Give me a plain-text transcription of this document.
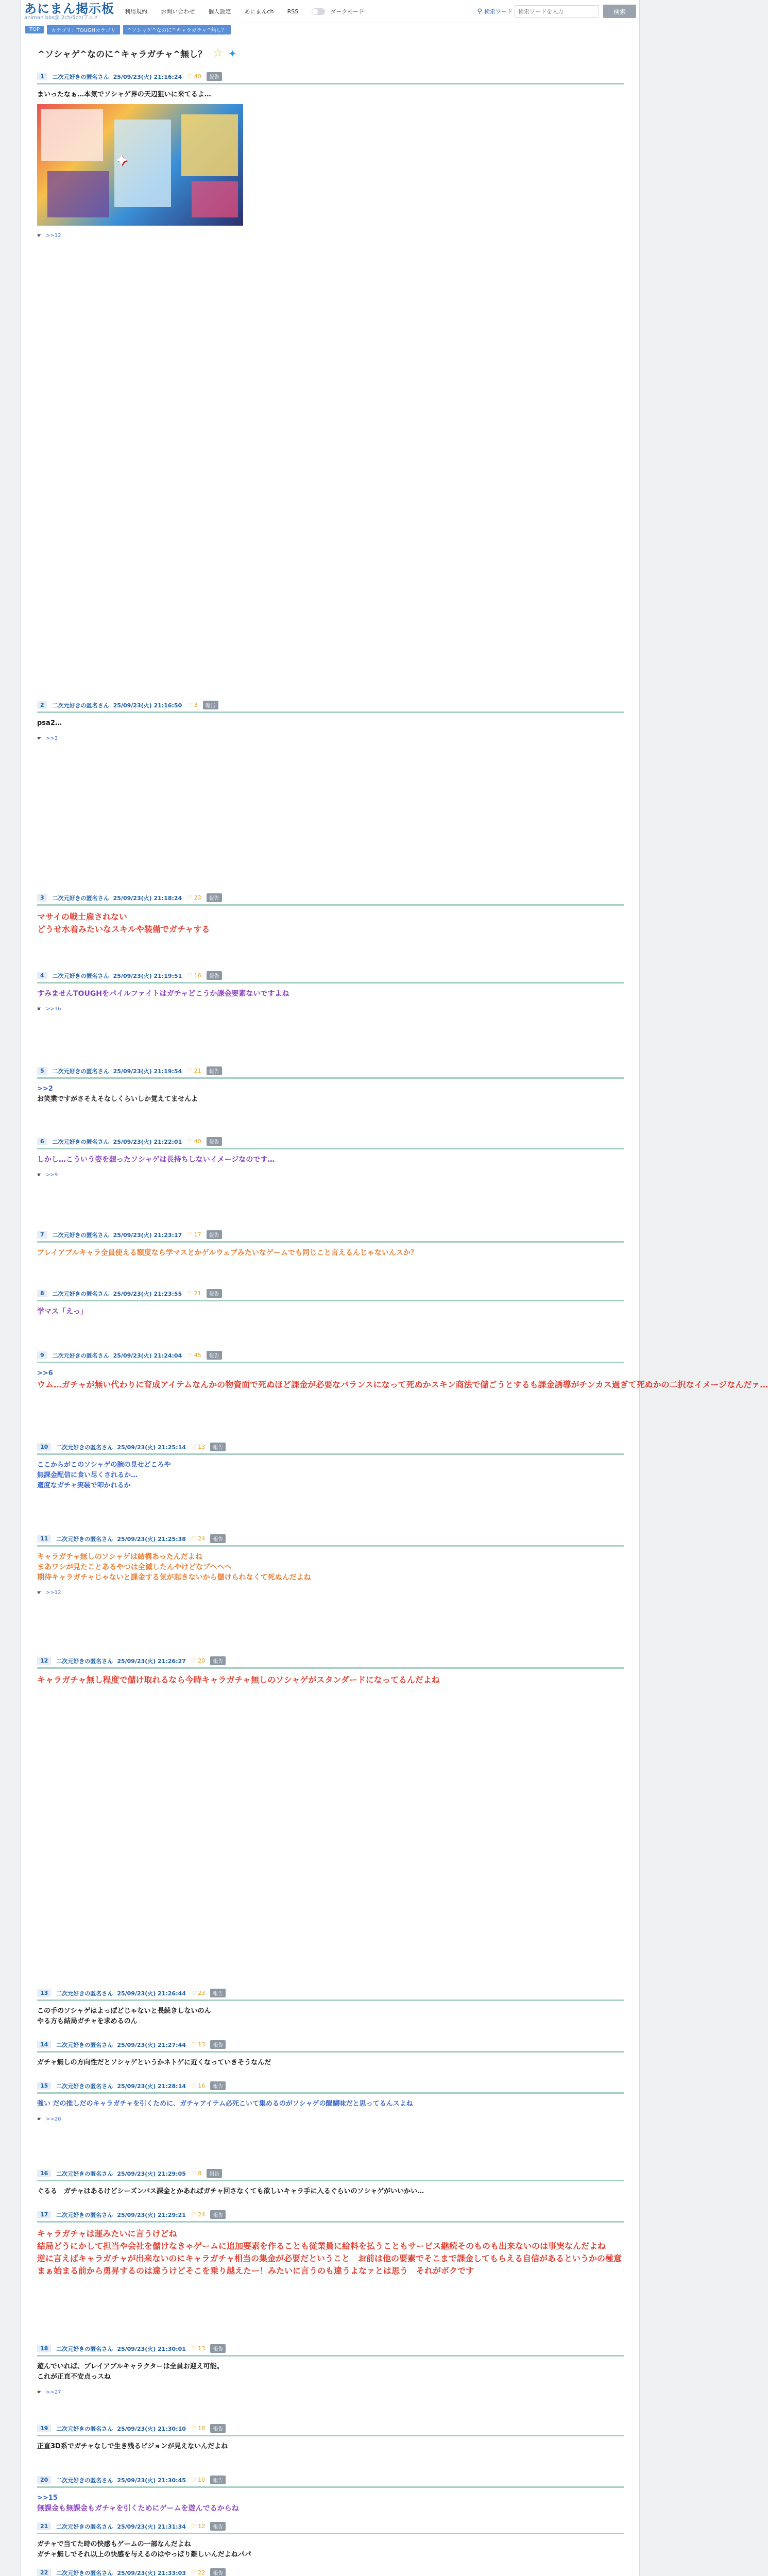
あにまん掲示板
animan bbs@ 2ch/5ch/アニメ
利用規約 お問い合わせ 個人設定 あにまんch RSS	ダークモード	⚲ 検索ワード
検索ワードを入力	検索
TOP	カテゴリ：TOUGHカテゴリ	^ソシャゲ^なのに^キャラガチャ^無し？
^ソシャゲ^なのに^キャラガチャ^無し？ ☆ ✦
1	二次元好きの匿名さん 25/09/23(火) 21:16:24 ♡ 40	報告
まいったなぁ…本気でソシャゲ界の天辺狙いに来てるよ…
✦
☛ >>12
2	二次元好きの匿名さん 25/09/23(火) 21:16:50 ♡ 3	報告
psa2…
☛ >>3
3	二次元好きの匿名さん 25/09/23(火) 21:18:24 ♡ 23	報告
マサイの戦士雇されない
どうせ水着みたいなスキルや装備でガチャする
4	二次元好きの匿名さん 25/09/23(火) 21:19:51 ♡ 16	報告
すみませんTOUGHをパイルファイトはガチャどこうか課金要素ないですよね
☛ >>16
5	二次元好きの匿名さん 25/09/23(火) 21:19:54 ♡ 21	報告
>>2
お笑業ですがさそえそなしくらいしか覚えてませんよ
6	二次元好きの匿名さん 25/09/23(火) 21:22:01 ♡ 40	報告
しかし…こういう姿を想ったソシャゲは長持ちしないイメージなのです…
☛ >>9
7	二次元好きの匿名さん 25/09/23(火) 21:23:17 ♡ 17	報告
プレイアブルキャラ全員使える額度なら学マスとかゲルウェブみたいなゲームでも同じこと言えるんじゃないんスか？
8	二次元好きの匿名さん 25/09/23(火) 21:23:55 ♡ 21	報告
学マス「えっ」
9	二次元好きの匿名さん 25/09/23(火) 21:24:04 ♡ 45	報告
>>6
ウム…ガチャが無い代わりに育成アイテムなんかの物資面で死ぬほど課金が必要なバランスになって死ぬかスキン商法で儲ごうとするも課金誘導がチンカス過ぎて死ぬかの二択なイメージなんだァ…
10	二次元好きの匿名さん 25/09/23(火) 21:25:14 ♡ 13	報告
ここからがこのソシャゲの腕の見せどころや
無課金配信に食い尽くされるか…
適度なガチャ実装で叩かれるか
11	二次元好きの匿名さん 25/09/23(火) 21:25:38 ♡ 24	報告
キャラガチャ無しのソシャゲは結構あったんだよね
まあワシが見たことあるやつは全滅したんやけどなブヘヘヘ
期待キャラガチャじゃないと課金する気が起きないから儲けられなくて死ぬんだよね
☛ >>12
12	二次元好きの匿名さん 25/09/23(火) 21:26:27 ♡ 20	報告
キャラガチャ無し程度で儲け取れるなら今時キャラガチャ無しのソシャゲがスタンダードになってるんだよね
13	二次元好きの匿名さん 25/09/23(火) 21:26:44 ♡ 23	報告
この手のソシャゲはよっぽどじゃないと長続きしないのん
やる方も結局ガチャを求めるのん
14	二次元好きの匿名さん 25/09/23(火) 21:27:44 ♡ 13	報告
ガチャ無しの方向性だとソシャゲというかネトゲに近くなっていきそうなんだ
15	二次元好きの匿名さん 25/09/23(火) 21:28:14 ♡ 16	報告
強い だの推しだのキャラガチャを引くために、ガチャアイテム必死こいて集めるのがソシャゲの醍醐味だと思ってるんスよね
☛ >>20
16	二次元好きの匿名さん 25/09/23(火) 21:29:05 ♡ 8	報告
ぐるる　ガチャはあるけどシーズンパス課金とかあればガチャ回さなくても欲しいキャラ手に入るぐらいのソシャゲがいいかい…
17	二次元好きの匿名さん 25/09/23(火) 21:29:21 ♡ 24	報告
キャラガチャは運みたいに言うけどね
結局どうにかして担当や会社を儲けなきゃゲームに追加要素を作ることも従業員に給料を払うこともサービス継続そのものも出来ないのは事実なんだよね
逆に言えばキャラガチャが出来ないのにキャラガチャ相当の集金が必要だということ　お前は他の要素でそこまで課金してもらえる自信があるというかの極意
まぁ始まる前から勇昇するのは違うけどそこを乗り越えたー！みたいに言うのも違うよなァとは思う　それがボクです
18	二次元好きの匿名さん 25/09/23(火) 21:30:01 ♡ 13	報告
遊んでいれば、プレイアブルキャラクターは全員お迎え可能。
これが正直不安点っスね
☛ >>27
19	二次元好きの匿名さん 25/09/23(火) 21:30:10 ♡ 18	報告
正直3D系でガチャなしで生き残るビジョンが見えないんだよね
20	二次元好きの匿名さん 25/09/23(火) 21:30:45 ♡ 10	報告
>>15
無課金も無課金もガチャを引くためにゲームを遊んでるからね
21	二次元好きの匿名さん 25/09/23(火) 21:31:34 ♡ 12	報告
ガチャで当てた時の快感もゲームの一部なんだよね
ガチャ無しでそれ以上の快感を与えるのはやっぱり難しいんだよねパパ
22	二次元好きの匿名さん 25/09/23(火) 21:33:03 ♡ 22	報告
